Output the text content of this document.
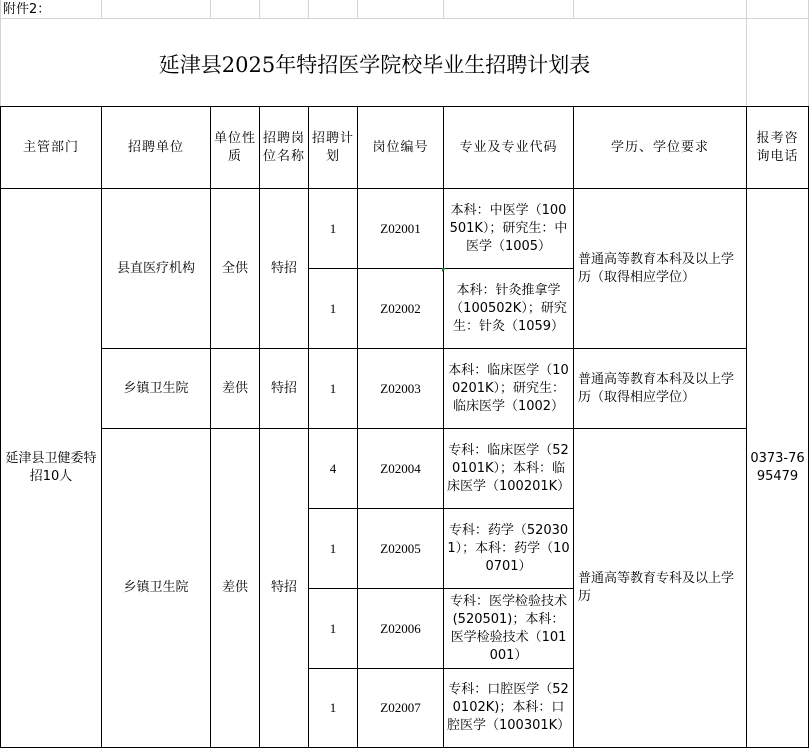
附件2：
延津县2025年特招医学院校毕业生招聘计划表
主管部门	招聘单位	单位性质	招聘岗位名称	招聘计划	岗位编号	专业及专业代码	学历、学位要求	报考咨询电话
延津县卫健委特招10人	县直医疗机构	全供	特招	1	Z02001	本科：中医学（100501K）；研究生：中医学（1005）	普通高等教育本科及以上学历（取得相应学位）	0373-7695479
				1	Z02002	本科：针灸推拿学（100502K）；研究生：针灸（1059）		
	乡镇卫生院	差供	特招	1	Z02003	本科：临床医学（100201K）；研究生：临床医学（1002）	普通高等教育本科及以上学历（取得相应学位）	
	乡镇卫生院	差供	特招	4	Z02004	专科：临床医学（520101K）；本科：临床医学（100201K）	普通高等教育专科及以上学历	
				1	Z02005	专科：药学（520301）；本科：药学（100701）		
				1	Z02006	专科：医学检验技术(520501)；本科：医学检验技术（101001）		
				1	Z02007	专科：口腔医学（520102K)；本科：口腔医学（100301K）		
